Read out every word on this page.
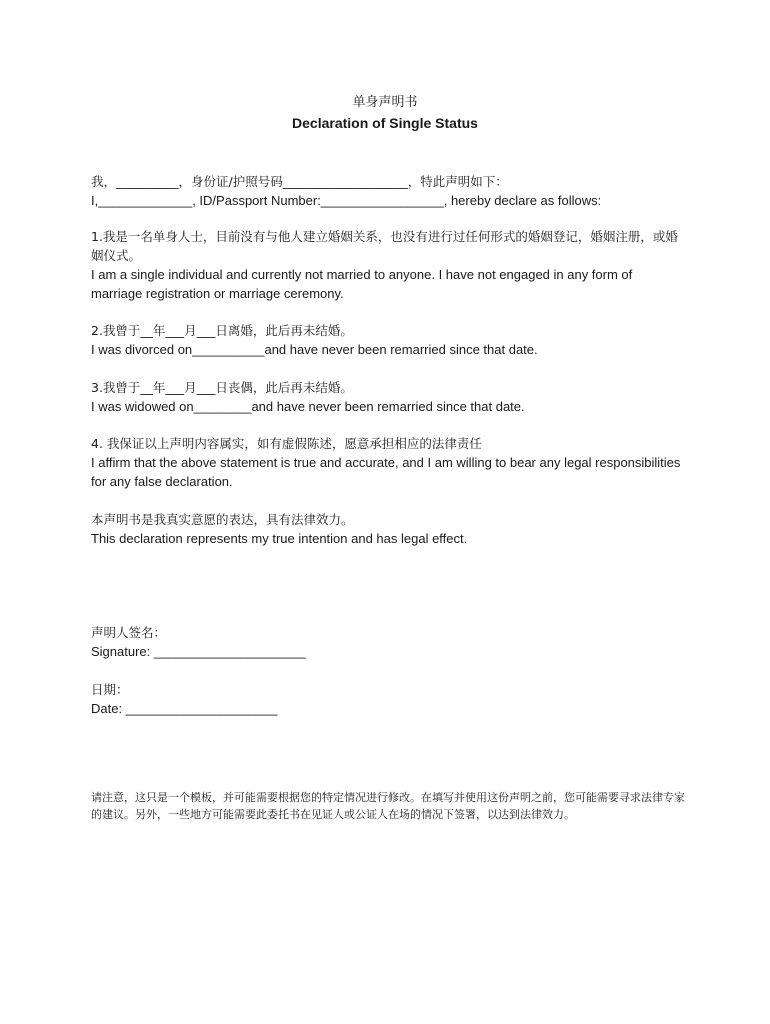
单身声明书
Declaration of Single Status
我，__________，身份证/护照号码____________________，特此声明如下：
I,_____________, ID/Passport Number:_________________, hereby declare as follows:
1.我是一名单身人士，目前没有与他人建立婚姻关系，也没有进行过任何形式的婚姻登记，婚姻注册，或婚姻仪式。
I am a single individual and currently not married to anyone. I have not engaged in any form of marriage registration or marriage ceremony.
2.我曾于__年___月___日离婚，此后再未结婚。
I was divorced on__________and have never been remarried since that date.
3.我曾于__年___月___日丧偶，此后再未结婚。
I was widowed on________and have never been remarried since that date.
4. 我保证以上声明内容属实，如有虚假陈述，愿意承担相应的法律责任
I affirm that the above statement is true and accurate, and I am willing to bear any legal responsibilities for any false declaration.
本声明书是我真实意愿的表达，具有法律效力。
This declaration represents my true intention and has legal effect.
声明人签名：
Signature: _____________________
日期：
Date: _____________________
请注意，这只是一个模板，并可能需要根据您的特定情况进行修改。在填写并使用这份声明之前，您可能需要寻求法律专家的建议。另外，一些地方可能需要此委托书在见证人或公证人在场的情况下签署，以达到法律效力。
